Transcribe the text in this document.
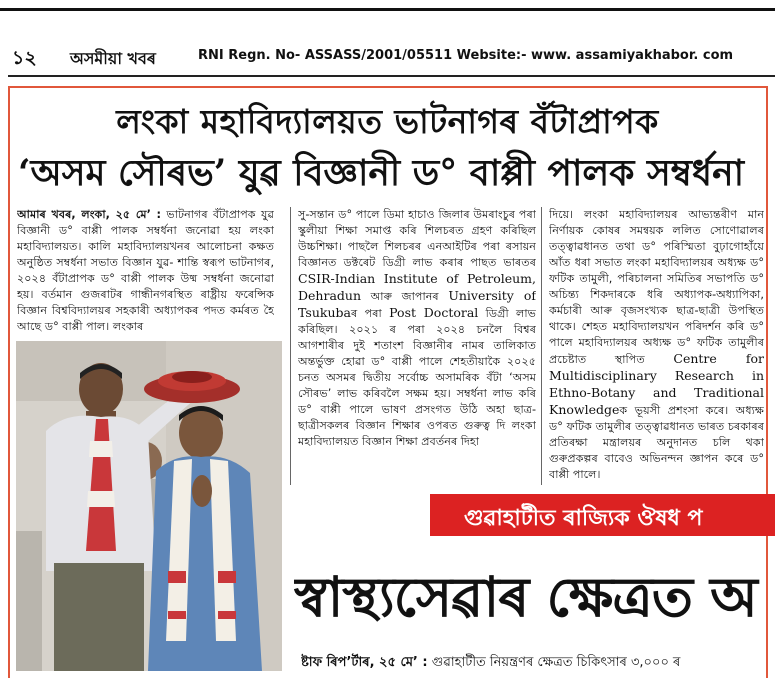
১২ অসমীয়া খবৰ	RNI Regn. No- ASSASS/2001/05511 Website:- www. assamiyakhabor. com
লংকা মহাবিদ্যালয়ত ভাটনাগৰ বঁটাপ্ৰাপক
‘অসম সৌৰভ’ যুৱ বিজ্ঞানী ড° বাপ্পী পালক সম্বৰ্ধনা
আমাৰ খবৰ, লংকা, ২৫ মে’ : ভাটনাগৰ বঁটাপ্ৰাপক যুৱ বিজ্ঞানী ড° বাপ্পী পালক সম্বৰ্ধনা জনোৱা হয় লংকা মহাবিদ্যালয়ত। কালি মহাবিদ্যালয়খনৰ আলোচনা কক্ষত অনুষ্ঠিত সম্বৰ্ধনা সভাত বিজ্ঞান যুৱ- শান্তি স্বৰূপ ভাটনাগৰ, ২০২৪ বঁটাপ্ৰাপক ড° বাপ্পী পালক উষ্ম সম্বৰ্ধনা জনোৱা হয়। বৰ্তমান গুজৰাটৰ গান্ধীনগৰস্থিত ৰাষ্ট্ৰীয় ফৰেন্সিক বিজ্ঞান বিশ্ববিদ্যালয়ৰ সহকাৰী অধ্যাপকৰ পদত কৰ্মৰত হৈ আছে ড° বাপ্পী পাল। লংকাৰ
সু-সন্তান ড° পালে ডিমা হাচাও জিলাৰ উমৰাংচুৰ পৰা স্কুলীয়া শিক্ষা সমাপ্ত কৰি শিলচৰত গ্ৰহণ কৰিছিল উচ্চশিক্ষা। পাছলৈ শিলচৰৰ এনআইটিৰ পৰা ৰসায়ন বিজ্ঞানত ডক্টৰেট ডিগ্ৰী লাভ কৰাৰ পাছত ভাৰতৰ CSIR-Indian Institute of Petroleum, Dehradun আৰু জাপানৰ University of Tsukubaৰ পৰা Post Doctoral ডিগ্ৰী লাভ কৰিছিল। ২০২১ ৰ পৰা ২০২৪ চনলৈ বিশ্বৰ আগশাৰীৰ দুই শতাংশ বিজ্ঞানীৰ নামৰ তালিকাত অন্তৰ্ভুক্ত হোৱা ড° বাপ্পী পালে শেহতীয়াকৈ ২০২৫ চনত অসমৰ দ্বিতীয় সৰ্বোচ্চ অসামৰিক বঁটা ‘অসম সৌৰভ’ লাভ কৰিবলৈ সক্ষম হয়। সম্বৰ্ধনা লাভ কৰি ড° বাপ্পী পালে ভাষণ প্ৰসংগত উঠি অহা ছাত্ৰ-ছাত্ৰীসকলৰ বিজ্ঞান শিক্ষাৰ ওপৰত গুৰুত্ব দি লংকা মহাবিদ্যালয়ত বিজ্ঞান শিক্ষা প্ৰবৰ্তনৰ দিহা
দিয়ে। লংকা মহাবিদ্যালয়ৰ আভ্যন্তৰীণ মান নিৰ্ণায়ক কোষৰ সমন্বয়ক ললিত সোণোৱালৰ তত্ত্বাৱধানত তথা ড° পৰিস্মিতা বুঢ়াগোহাঁয়ে আঁত ধৰা সভাত লংকা মহাবিদ্যালয়ৰ অধ্যক্ষ ড° ফটিক তামুলী, পৰিচালনা সমিতিৰ সভাপতি ড° অচিন্ত্য শিকদাৰকে ধৰি অধ্যাপক-অধ্যাপিকা, কৰ্মচাৰী আৰু বৃজসংখ্যক ছাত্ৰ-ছাত্ৰী উপস্থিত থাকে। শেহত মহাবিদ্যালয়খন পৰিদৰ্শন কৰি ড° পালে মহাবিদ্যালয়ৰ অধ্যক্ষ ড° ফটিক তামুলীৰ প্ৰচেষ্টাত স্থাপিত Centre for Multidisciplinary Research in Ethno-Botany and Traditional Knowledgeক ভূয়সী প্ৰশংসা কৰে। অধ্যক্ষ ড° ফটিক তামুলীৰ তত্ত্বাৱধানত ভাৰত চৰকাৰৰ প্ৰতিৰক্ষা মন্ত্ৰালয়ৰ অনুদানত চলি থকা গুৰুপ্ৰকল্পৰ বাবেও অভিনন্দন জ্ঞাপন কৰে ড° বাপ্পী পালে।
গুৱাহাটীত ৰাজ্যিক ঔষধ প
স্বাস্থ্যসেৱাৰ ক্ষেত্ৰত অ
ষ্টাফ ৰিপ’ৰ্টাৰ, ২৫ মে’ : গুৱাহাটীত নিয়ন্ত্ৰণৰ ক্ষেত্ৰত চিকিৎসাৰ ৩,০০০ ৰ
